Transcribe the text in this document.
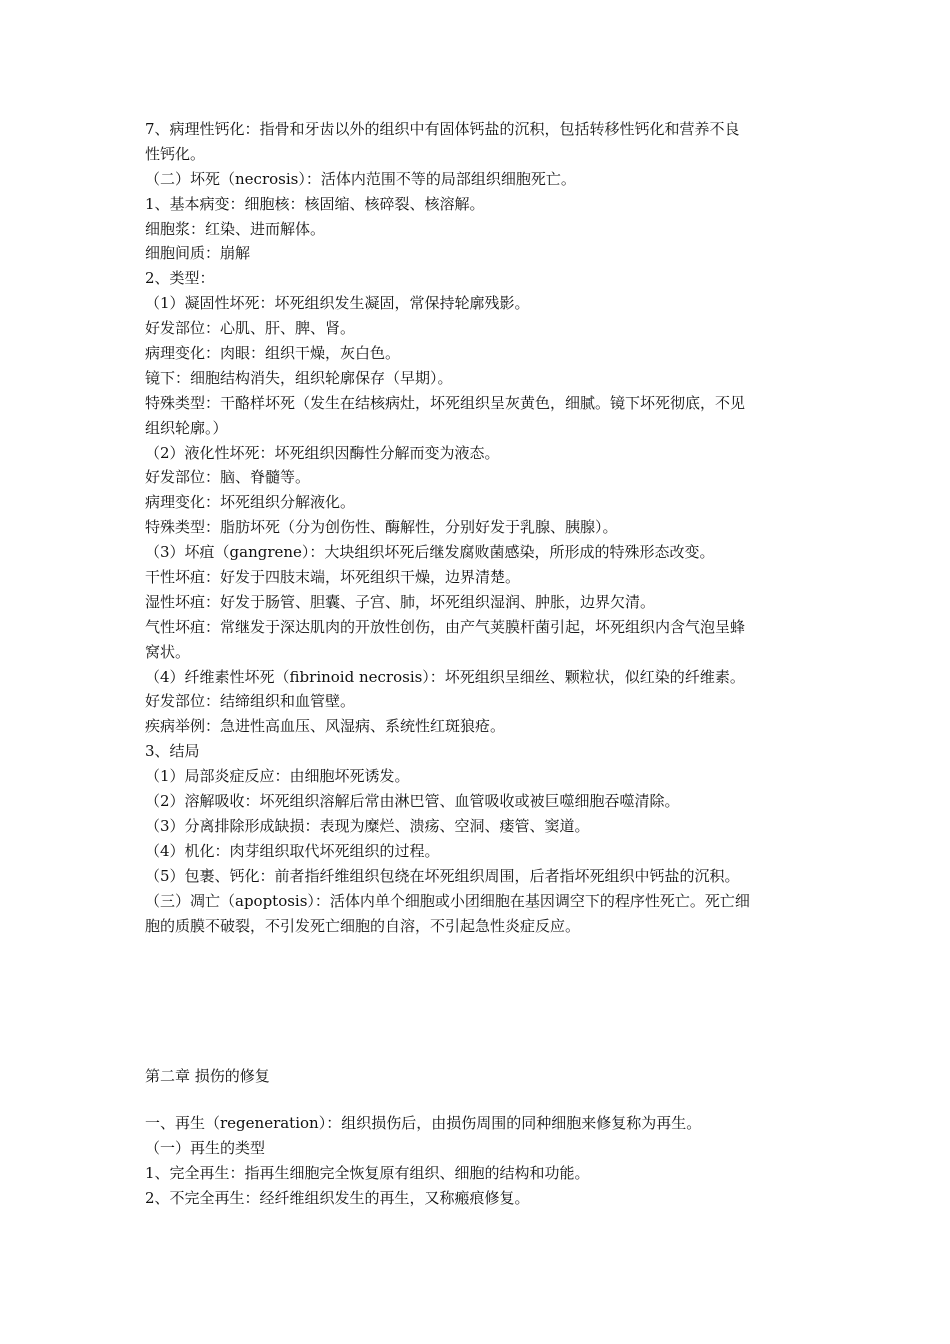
7、病理性钙化：指骨和牙齿以外的组织中有固体钙盐的沉积，包括转移性钙化和营养不良
性钙化。
（二）坏死（necrosis）：活体内范围不等的局部组织细胞死亡。
1、基本病变：细胞核：核固缩、核碎裂、核溶解。
细胞浆：红染、进而解体。
细胞间质：崩解
2、类型：
（1）凝固性坏死：坏死组织发生凝固，常保持轮廓残影。
好发部位：心肌、肝、脾、肾。
病理变化：肉眼：组织干燥，灰白色。
镜下：细胞结构消失，组织轮廓保存（早期）。
特殊类型：干酪样坏死（发生在结核病灶，坏死组织呈灰黄色，细腻。镜下坏死彻底，不见
组织轮廓。）
（2）液化性坏死：坏死组织因酶性分解而变为液态。
好发部位：脑、脊髓等。
病理变化：坏死组织分解液化。
特殊类型：脂肪坏死（分为创伤性、酶解性，分别好发于乳腺、胰腺）。
（3）坏疽（gangrene）：大块组织坏死后继发腐败菌感染，所形成的特殊形态改变。
干性坏疽：好发于四肢末端，坏死组织干燥，边界清楚。
湿性坏疽：好发于肠管、胆囊、子宫、肺，坏死组织湿润、肿胀，边界欠清。
气性坏疽：常继发于深达肌肉的开放性创伤，由产气荚膜杆菌引起，坏死组织内含气泡呈蜂
窝状。
（4）纤维素性坏死（fibrinoid necrosis）：坏死组织呈细丝、颗粒状，似红染的纤维素。
好发部位：结缔组织和血管壁。
疾病举例：急进性高血压、风湿病、系统性红斑狼疮。
3、结局
（1）局部炎症反应：由细胞坏死诱发。
（2）溶解吸收：坏死组织溶解后常由淋巴管、血管吸收或被巨噬细胞吞噬清除。
（3）分离排除形成缺损：表现为糜烂、溃疡、空洞、瘘管、窦道。
（4）机化：肉芽组织取代坏死组织的过程。
（5）包裹、钙化：前者指纤维组织包绕在坏死组织周围，后者指坏死组织中钙盐的沉积。
（三）凋亡（apoptosis）：活体内单个细胞或小团细胞在基因调空下的程序性死亡。死亡细
胞的质膜不破裂，不引发死亡细胞的自溶，不引起急性炎症反应。
第二章 损伤的修复
一、再生（regeneration）：组织损伤后，由损伤周围的同种细胞来修复称为再生。
（一）再生的类型
1、完全再生：指再生细胞完全恢复原有组织、细胞的结构和功能。
2、不完全再生：经纤维组织发生的再生，又称瘢痕修复。
